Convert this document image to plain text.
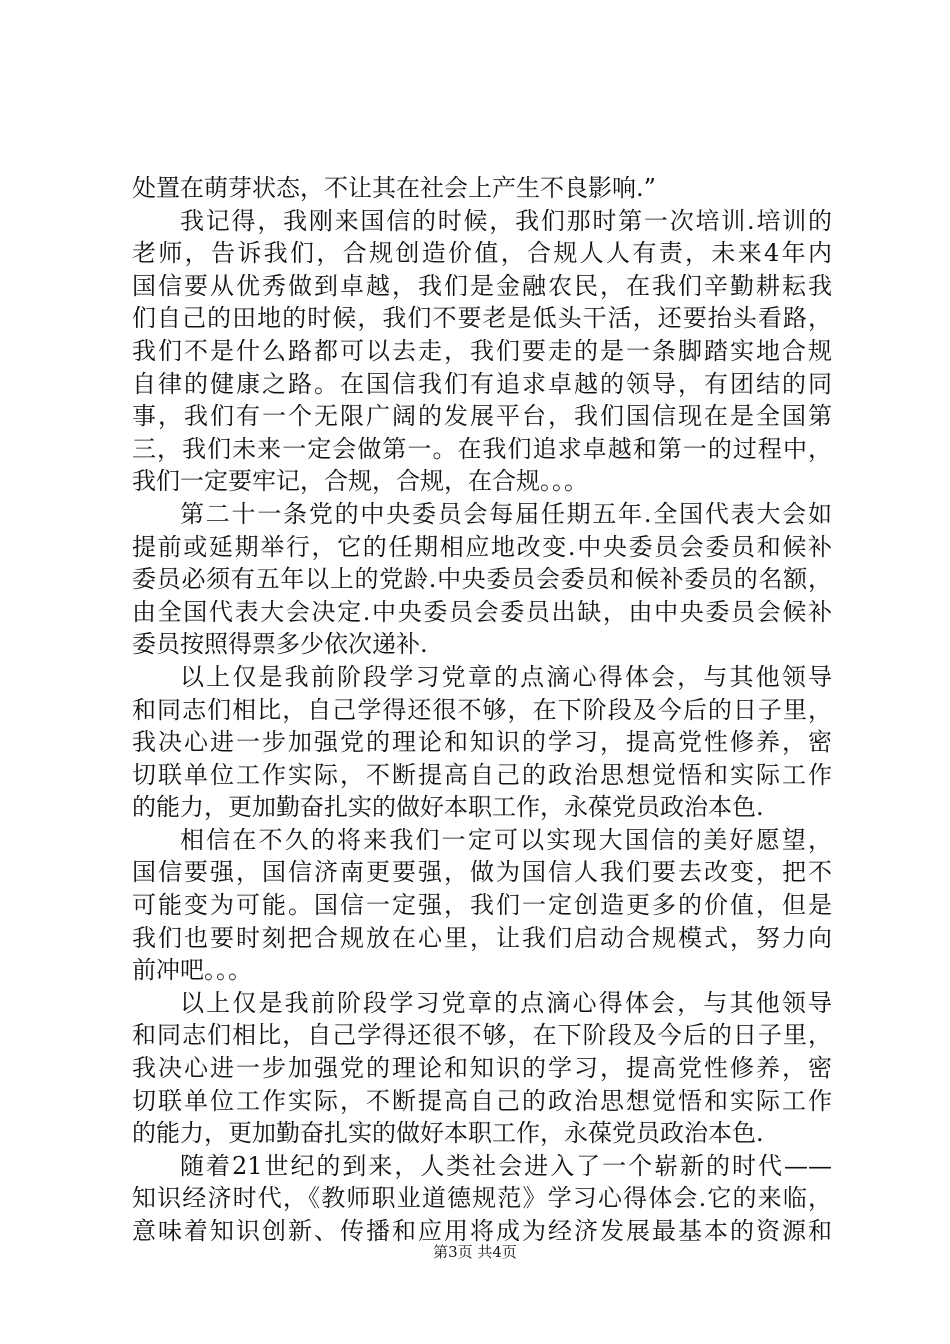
处置在萌芽状态，不让其在社会上产生不良影响.”
我记得，我刚来国信的时候，我们那时第一次培训.培训的
老师，告诉我们，合规创造价值，合规人人有责，未来4年内
国信要从优秀做到卓越，我们是金融农民，在我们辛勤耕耘我
们自己的田地的时候，我们不要老是低头干活，还要抬头看路，
我们不是什么路都可以去走，我们要走的是一条脚踏实地合规
自律的健康之路。在国信我们有追求卓越的领导，有团结的同
事，我们有一个无限广阔的发展平台，我们国信现在是全国第
三，我们未来一定会做第一。在我们追求卓越和第一的过程中，
我们一定要牢记，合规，合规，在合规。。。
第二十一条党的中央委员会每届任期五年.全国代表大会如
提前或延期举行，它的任期相应地改变.中央委员会委员和候补
委员必须有五年以上的党龄.中央委员会委员和候补委员的名额，
由全国代表大会决定.中央委员会委员出缺，由中央委员会候补
委员按照得票多少依次递补.
以上仅是我前阶段学习党章的点滴心得体会，与其他领导
和同志们相比，自己学得还很不够，在下阶段及今后的日子里，
我决心进一步加强党的理论和知识的学习，提高党性修养，密
切联单位工作实际，不断提高自己的政治思想觉悟和实际工作
的能力，更加勤奋扎实的做好本职工作，永葆党员政治本色.
相信在不久的将来我们一定可以实现大国信的美好愿望，
国信要强，国信济南更要强，做为国信人我们要去改变，把不
可能变为可能。国信一定强，我们一定创造更多的价值，但是
我们也要时刻把合规放在心里，让我们启动合规模式，努力向
前冲吧。。。
以上仅是我前阶段学习党章的点滴心得体会，与其他领导
和同志们相比，自己学得还很不够，在下阶段及今后的日子里，
我决心进一步加强党的理论和知识的学习，提高党性修养，密
切联单位工作实际，不断提高自己的政治思想觉悟和实际工作
的能力，更加勤奋扎实的做好本职工作，永葆党员政治本色.
随着21世纪的到来，人类社会进入了一个崭新的时代——
知识经济时代，《教师职业道德规范》学习心得体会.它的来临，
意味着知识创新、传播和应用将成为经济发展最基本的资源和
第3页 共4页
